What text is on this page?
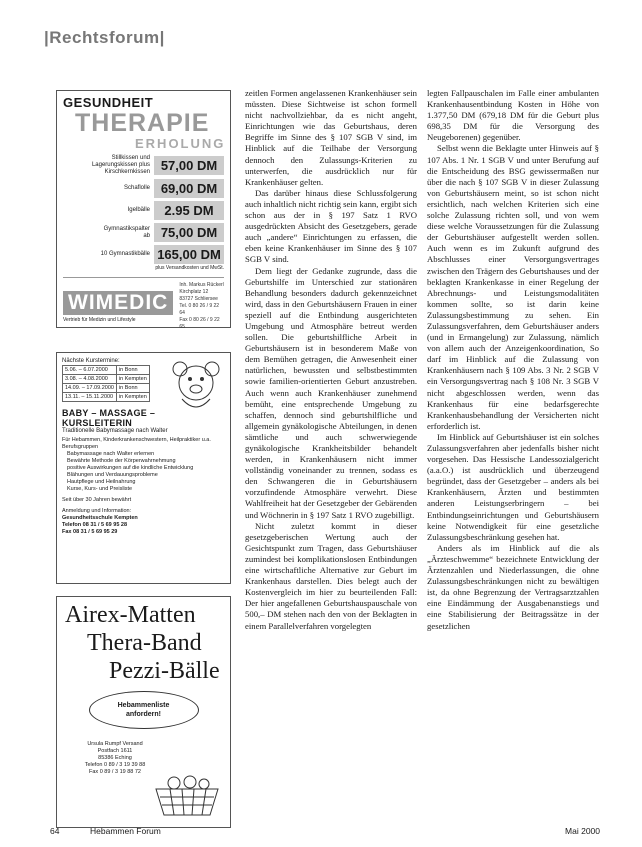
|Rechtsforum|
GESUNDHEIT
THERAPIE
ERHOLUNG
Stillkissen und Lagerungskissen plus Kirschkernkissen 57,00 DM
Schaflolle 69,00 DM
Igelbälle	2.95 DM
Gymnastikspalter ab 75,00 DM
10 Gymnastikbälle 165,00 DM
plus Versandkosten und MwSt.
WIMEDIC
Vertrieb für Medizin und Lifestyle
Inh. Markus Rückerl
Kirchplatz 12
83727 Schliersee
Tel. 0 80 26 / 9 22 64
Fax 0 80 26 / 9 22 65
Nächste Kurstermine:
5.06. – 6.07.2000	in Bonn
3.08. – 4.08.2000	in Kempten
14.09. – 17.09.2000	in Bonn
13.11. – 15.11.2000	in Kempten
BABY – MASSAGE – KURSLEITERIN
Traditionelle Babymassage nach Walter
Für Hebammen, Kinderkrankenschwestern, Heilpraktiker u.a. Berufsgruppen
Babymassage nach Walter erlernen
Bewährte Methode der Körperwahrnehmung
positive Auswirkungen auf die kindliche Entwicklung
Blähungen und Verdauungsprobleme
Hautpflege und Heilnahrung
Kurse, Kurs- und Preisliste
Seit über 30 Jahren bewährt
Anmeldung und Information:
Gesundheitsschule Kempten
Telefon 08 31 / 5 69 95 28
Fax 08 31 / 5 69 95 29
Airex-Matten
Thera-Band
Pezzi-Bälle
Hebammenliste
anfordern!
Ursula Rumpf Versand
Postfach 1611
85386 Eching
Telefon 0 89 / 3 19 39 88
Fax 0 89 / 3 19 88 72

zeitlen Formen angelassenen Krankenhäuser sein müssten. Diese Sichtweise ist schon formell nicht nachvollziehbar, da es nicht angeht, Einrichtungen wie das Geburtshaus, deren Begriffe im Sinne des § 107 SGB V sind, im Hinblick auf die Teilhabe der Versorgung dennoch den Zulassungs-Kriterien zu unterwerfen, die ausdrücklich nur für Krankenhäuser gelten.

Das darüber hinaus diese Schlussfolgerung auch inhaltlich nicht richtig sein kann, ergibt sich schon aus der in § 197 Satz 1 RVO ausgedrückten Absicht des Gesetzgebers, gerade auch „andere“ Einrichtungen zu erfassen, die eben keine Krankenhäuser im Sinne des § 107 SGB V sind.

Dem liegt der Gedanke zugrunde, dass die Geburtshilfe im Unterschied zur stationären Behandlung besonders dadurch gekennzeichnet wird, dass in den Geburtshäusern Frauen in einer speziell auf die Entbindung ausgerichteten Umgebung und Atmosphäre betreut werden sollen. Die geburtshilfliche Arbeit in Geburtshäusern ist in besonderem Maße von dem Bemühen getragen, die Anwesenheit einer natürlichen, bewussten und selbstbestimmten sowie familien-orientierten Geburt anzustreben. Auch wenn auch Krankenhäuser zunehmend bemüht, eine entsprechende Umgebung zu schaffen, dennoch sind geburtshilfliche und allgemein gynäkologische Abteilungen, in denen sämtliche und auch schwerwiegende gynäkologische Krankheitsbilder behandelt werden, in Krankenhäusern nicht immer vollständig voneinander zu trennen, sodass es den Schwangeren die in Geburtshäusern vorzufindende Atmosphäre verwehrt. Diese Wahlfreiheit hat der Gesetzgeber der Gebärenden und Wöchnerin in § 197 Satz 1 RVO zugebilligt.

Nicht zuletzt kommt in dieser gesetzgeberischen Wertung auch der Gesichtspunkt zum Tragen, dass Geburtshäuser zumindest bei komplikationslosen Entbindungen eine wirtschaftliche Alternative zur Geburt im Krankenhaus darstellen. Dies belegt auch der Kostenvergleich im hier zu beurteilenden Fall: Der hier angefallenen Geburtshauspauschale von 500,– DM stehen nach den von der Beklagten in einem Parallelverfahren vorgelegten

legten Fallpauschalen im Falle einer ambulanten Krankenhausentbindung Kosten in Höhe von 1.377,50 DM (679,18 DM für die Geburt plus 698,35 DM für die Versorgung des Neugeborenen) gegenüber.

Selbst wenn die Beklagte unter Hinweis auf § 107 Abs. 1 Nr. 1 SGB V und unter Berufung auf die Entscheidung des BSG gewissermaßen nur über die nach § 107 SGB V in dieser Zulassung von Geburtshäusern meint, so ist schon nicht ersichtlich, nach welchen Kriterien sich eine solche Zulassung richten soll, und von wem diese welche Voraussetzungen für die Zulassung der Geburtshäuser aufgestellt werden sollen. Auch wenn es im Zukunft aufgrund des Abschlusses einer Versorgungsvertrages zwischen den Trägern des Geburtshauses und der beklagten Krankenkasse in einer Regelung der Abrechnungs- und Leistungsmodalitäten kommen sollte, so ist darin keine Zulassungsbestimmung zu sehen. Ein Zulassungsverfahren, dem Geburtshäuser anders (und in Ermangelung) zur Zulassung, nämlich von allem auch der Anzeigenkoordination, So darf im Hinblick auf die Zulassung von Krankenhäusern nach § 109 Abs. 3 Nr. 2 SGB V ein Versorgungsvertrag nach § 108 Nr. 3 SGB V nicht abgeschlossen werden, wenn das Krankenhaus für eine bedarfsgerechte Krankenhausbehandlung der Versicherten nicht erforderlich ist.

Im Hinblick auf Geburtshäuser ist ein solches Zulassungsverfahren aber jedenfalls bisher nicht vorgesehen. Das Hessische Landessozialgericht (a.a.O.) ist ausdrücklich und überzeugend begründet, dass der Gesetzgeber – anders als bei Krankenhäusern, Ärzten und bestimmten anderen Leistungserbringern – bei Entbindungseinrichtungen und Geburtshäusern keine Notwendigkeit für eine gesetzliche Zulassungsbeschränkung gesehen hat.

Anders als im Hinblick auf die als „Ärzteschwemme“ bezeichnete Entwicklung der Ärztenzahlen und Niederlassungen, die ohne Zulassungsbeschränkungen nicht zu bewältigen ist, da ohne Begrenzung der Vertragsarztzahlen eine Eindämmung der Ausgabenanstiegs und eine Stabilisierung der Beitragssätze in der gesetzlichen

64	Hebammen Forum	Mai 2000
